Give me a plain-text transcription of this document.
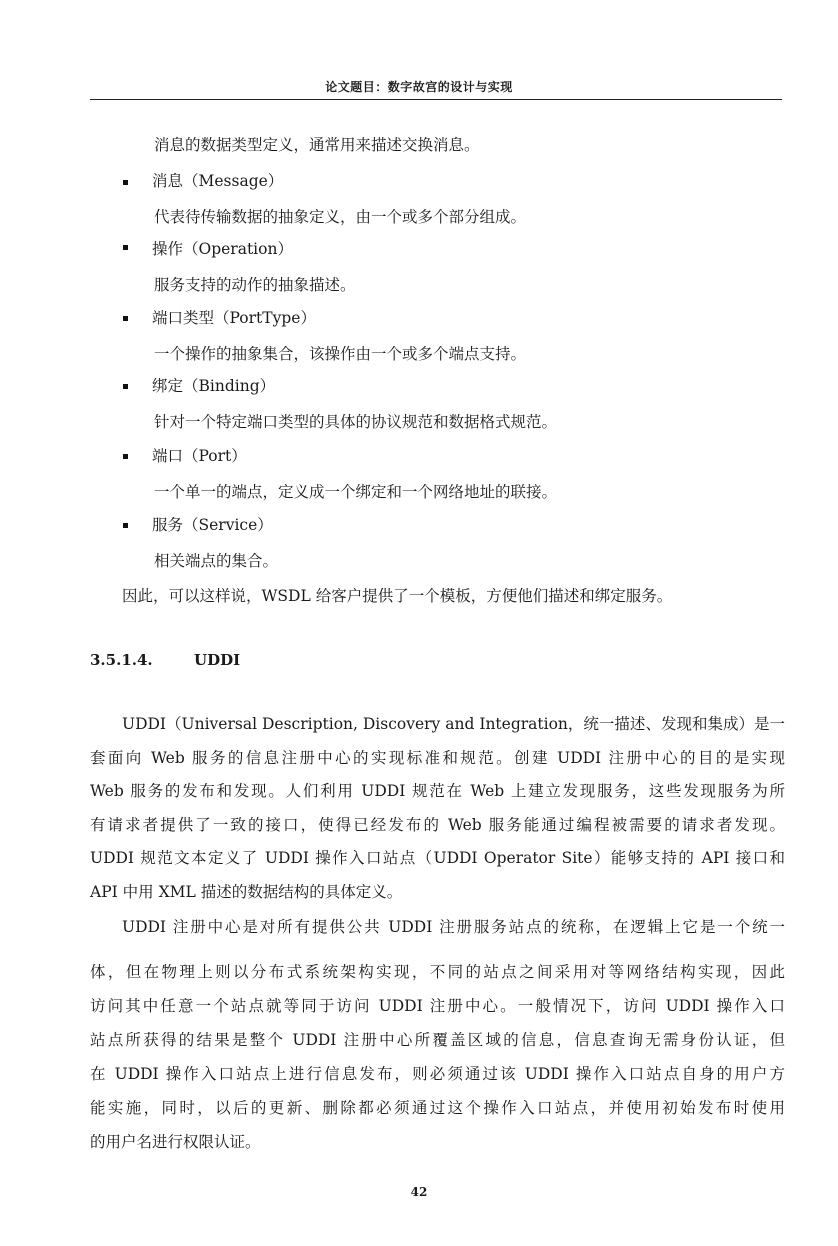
论文题目：数字故宫的设计与实现
消息的数据类型定义，通常用来描述交换消息。
消息（Message）
代表待传输数据的抽象定义，由一个或多个部分组成。
操作（Operation）
服务支持的动作的抽象描述。
端口类型（PortType）
一个操作的抽象集合，该操作由一个或多个端点支持。
绑定（Binding）
针对一个特定端口类型的具体的协议规范和数据格式规范。
端口（Port）
一个单一的端点，定义成一个绑定和一个网络地址的联接。
服务（Service）
相关端点的集合。
因此，可以这样说，WSDL 给客户提供了一个模板，方便他们描述和绑定服务。
3.5.1.4.	UDDI
UDDI（Universal Description, Discovery and Integration，统一描述、发现和集成）是一
套面向 Web 服务的信息注册中心的实现标准和规范。创建 UDDI 注册中心的目的是实现
Web 服务的发布和发现。人们利用 UDDI 规范在 Web 上建立发现服务，这些发现服务为所
有请求者提供了一致的接口，使得已经发布的 Web 服务能通过编程被需要的请求者发现。
UDDI 规范文本定义了 UDDI 操作入口站点（UDDI Operator Site）能够支持的 API 接口和
API 中用 XML 描述的数据结构的具体定义。
UDDI 注册中心是对所有提供公共 UDDI 注册服务站点的统称，在逻辑上它是一个统一
体，但在物理上则以分布式系统架构实现，不同的站点之间采用对等网络结构实现，因此
访问其中任意一个站点就等同于访问 UDDI 注册中心。一般情况下，访问 UDDI 操作入口
站点所获得的结果是整个 UDDI 注册中心所覆盖区域的信息，信息查询无需身份认证，但
在 UDDI 操作入口站点上进行信息发布，则必须通过该 UDDI 操作入口站点自身的用户方
能实施，同时，以后的更新、删除都必须通过这个操作入口站点，并使用初始发布时使用
的用户名进行权限认证。
42
